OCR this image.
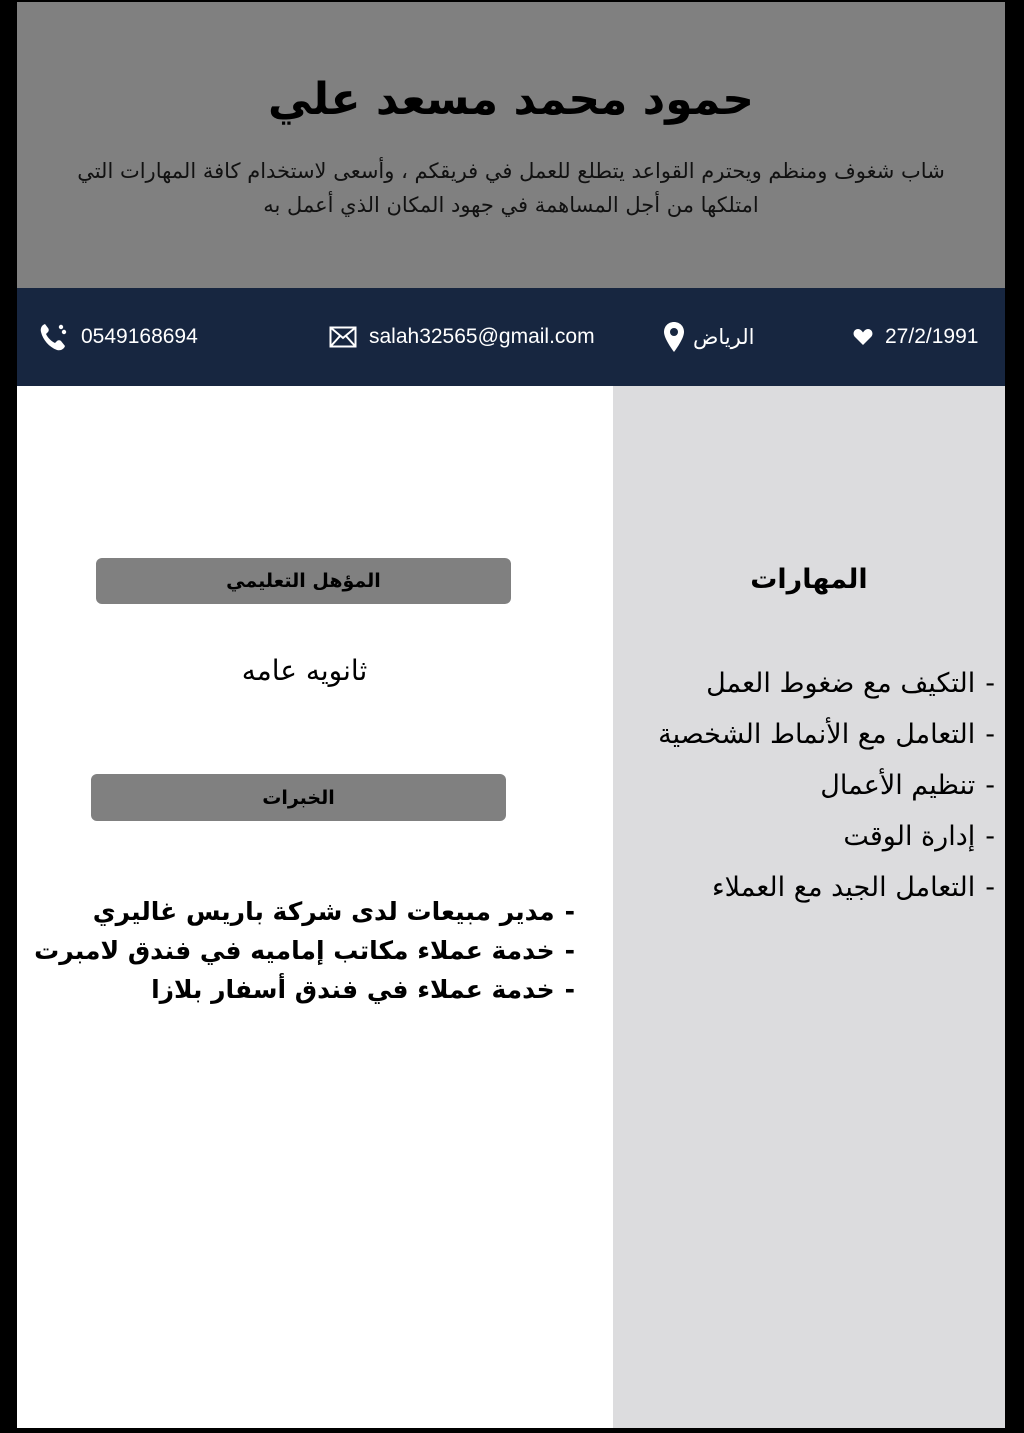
حمود محمد مسعد علي
شاب شغوف ومنظم ويحترم القواعد يتطلع للعمل في فريقكم ، وأسعى لاستخدام كافة المهارات التي امتلكها من أجل المساهمة في جهود المكان الذي أعمل به
0549168694	salah32565@gmail.com	الرياض	27/2/1991
المؤهل التعليمي
ثانويه عامه
الخبرات
-مدير مبيعات لدى شركة باريس غاليري
-خدمة عملاء مكاتب إماميه في فندق لامبرت
-خدمة عملاء في فندق أسفار بلازا
المهارات
-التكيف مع ضغوط العمل
-التعامل مع الأنماط الشخصية
-تنظيم الأعمال
-إدارة الوقت
-التعامل الجيد مع العملاء
